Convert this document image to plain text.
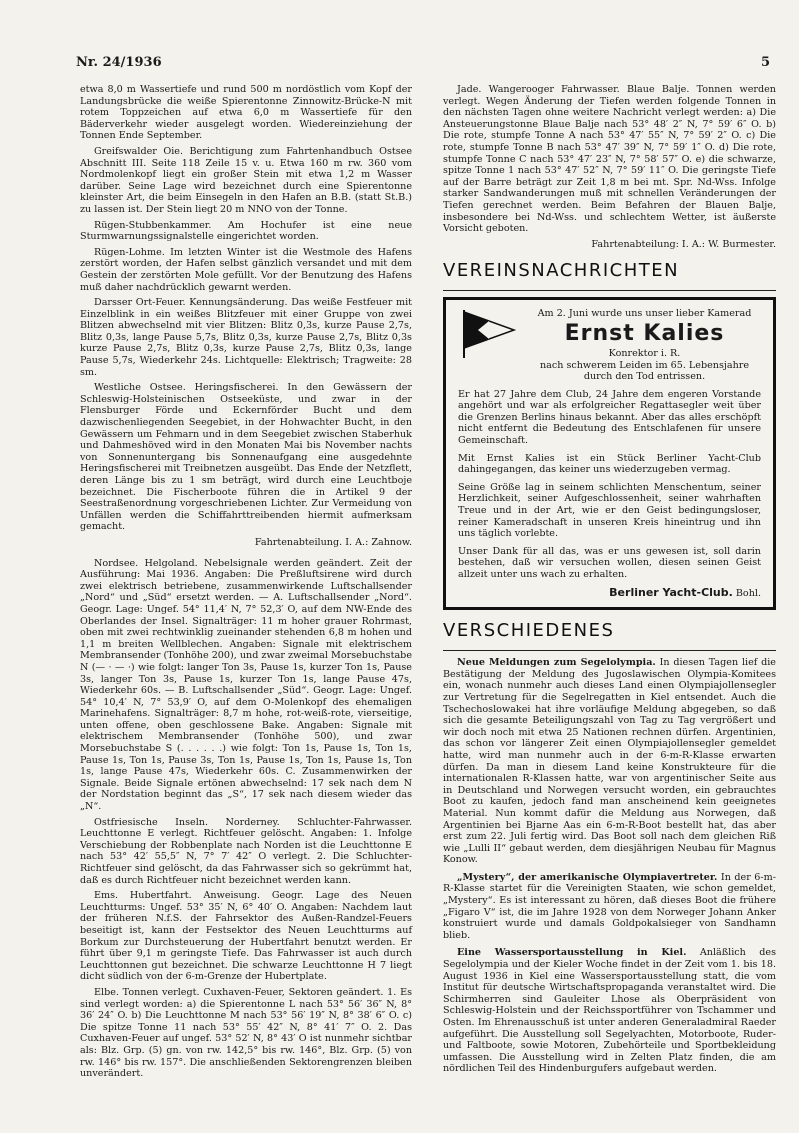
Nr. 24/1936	5

etwa 8,0 m Wassertiefe und rund 500 m nordöstlich vom Kopf der Landungsbrücke die weiße Spierentonne Zinnowitz-Brücke-N mit rotem Toppzeichen auf etwa 6,0 m Wassertiefe für den Bäderverkehr wieder ausgelegt worden. Wiedereinziehung der Tonnen Ende September.

Greifswalder Oie. Berichtigung zum Fahrtenhandbuch Ostsee Abschnitt III. Seite 118 Zeile 15 v. u. Etwa 160 m rw. 360 vom Nordmolenkopf liegt ein großer Stein mit etwa 1,2 m Wasser darüber. Seine Lage wird bezeichnet durch eine Spierentonne kleinster Art, die beim Einsegeln in den Hafen an B.B. (statt St.B.) zu lassen ist. Der Stein liegt 20 m NNO von der Tonne.

Rügen-Stubbenkammer. Am Hochufer ist eine neue Sturmwarnungssignalstelle eingerichtet worden.

Rügen-Lohme. Im letzten Winter ist die Westmole des Hafens zerstört worden, der Hafen selbst gänzlich versandet und mit dem Gestein der zerstörten Mole gefüllt. Vor der Benutzung des Hafens muß daher nachdrücklich gewarnt werden.

Darsser Ort-Feuer. Kennungsänderung. Das weiße Festfeuer mit Einzelblink in ein weißes Blitzfeuer mit einer Gruppe von zwei Blitzen abwechselnd mit vier Blitzen: Blitz 0,3s, kurze Pause 2,7s, Blitz 0,3s, lange Pause 5,7s, Blitz 0,3s, kurze Pause 2,7s, Blitz 0,3s kurze Pause 2,7s, Blitz 0,3s, kurze Pause 2,7s, Blitz 0,3s, lange Pause 5,7s, Wiederkehr 24s. Lichtquelle: Elektrisch; Tragweite: 28 sm.

Westliche Ostsee. Heringsfischerei. In den Gewässern der Schleswig-Holsteinischen Ostseeküste, und zwar in der Flensburger Förde und Eckernförder Bucht und dem dazwischenliegenden Seegebiet, in der Hohwachter Bucht, in den Gewässern um Fehmarn und in dem Seegebiet zwischen Staberhuk und Dahmeshöved wird in den Monaten Mai bis November nachts von Sonnenuntergang bis Sonnenaufgang eine ausgedehnte Heringsfischerei mit Treibnetzen ausgeübt. Das Ende der Netzflett, deren Länge bis zu 1 sm beträgt, wird durch eine Leuchtboje bezeichnet. Die Fischerboote führen die in Artikel 9 der Seestraßenordnung vorgeschriebenen Lichter. Zur Vermeidung von Unfällen werden die Schiffahrttreibenden hiermit aufmerksam gemacht.

Fahrtenabteilung. I. A.: Zahnow.

Nordsee. Helgoland. Nebelsignale werden geändert. Zeit der Ausführung: Mai 1936. Angaben: Die Preßluftsirene wird durch zwei elektrisch betriebene, zusammenwirkende Luftschallsender „Nord“ und „Süd“ ersetzt werden. — A. Luftschallsender „Nord“. Geogr. Lage: Ungef. 54° 11,4′ N, 7° 52,3′ O, auf dem NW-Ende des Oberlandes der Insel. Signalträger: 11 m hoher grauer Rohrmast, oben mit zwei rechtwinklig zueinander stehenden 6,8 m hohen und 1,1 m breiten Wellblechen. Angaben: Signale mit elektrischem Membransender (Tonhöhe 200), und zwar zweimal Morsebuchstabe N (— · — ·) wie folgt: langer Ton 3s, Pause 1s, kurzer Ton 1s, Pause 3s, langer Ton 3s, Pause 1s, kurzer Ton 1s, lange Pause 47s, Wiederkehr 60s. — B. Luftschallsender „Süd“. Geogr. Lage: Ungef. 54° 10,4′ N, 7° 53,9′ O, auf dem O-Molenkopf des ehemaligen Marinehafens. Signalträger: 8,7 m hohe, rot-weiß-rote, vierseitige, unten offene, oben geschlossene Bake. Angaben: Signale mit elektrischem Membransender (Tonhöhe 500), und zwar Morsebuchstabe S (. . . . . .) wie folgt: Ton 1s, Pause 1s, Ton 1s, Pause 1s, Ton 1s, Pause 3s, Ton 1s, Pause 1s, Ton 1s, Pause 1s, Ton 1s, lange Pause 47s, Wiederkehr 60s. C. Zusammenwirken der Signale. Beide Signale ertönen abwechselnd: 17 sek nach dem N der Nordstation beginnt das „S“, 17 sek nach diesem wieder das „N“.

Ostfriesische Inseln. Norderney. Schluchter-Fahrwasser. Leuchttonne E verlegt. Richtfeuer gelöscht. Angaben: 1. Infolge Verschiebung der Robbenplate nach Norden ist die Leuchttonne E nach 53° 42′ 55,5″ N, 7° 7′ 42″ O verlegt. 2. Die Schluchter-Richtfeuer sind gelöscht, da das Fahrwasser sich so gekrümmt hat, daß es durch Richtfeuer nicht bezeichnet werden kann.

Ems. Hubertfahrt. Anweisung. Geogr. Lage des Neuen Leuchtturms: Ungef. 53° 35′ N, 6° 40′ O. Angaben: Nachdem laut der früheren N.f.S. der Fahrsektor des Außen-Randzel-Feuers beseitigt ist, kann der Festsektor des Neuen Leuchtturms auf Borkum zur Durchsteuerung der Hubertfahrt benutzt werden. Er führt über 9,1 m geringste Tiefe. Das Fahrwasser ist auch durch Leuchttonnen gut bezeichnet. Die schwarze Leuchttonne H 7 liegt dicht südlich von der 6-m-Grenze der Hubertplate.

Elbe. Tonnen verlegt. Cuxhaven-Feuer, Sektoren geändert. 1. Es sind verlegt worden: a) die Spierentonne L nach 53° 56′ 36″ N, 8° 36′ 24″ O. b) Die Leuchttonne M nach 53° 56′ 19″ N, 8° 38′ 6″ O. c) Die spitze Tonne 11 nach 53° 55′ 42″ N, 8° 41′ 7″ O. 2. Das Cuxhaven-Feuer auf ungef. 53° 52′ N, 8° 43′ O ist nunmehr sichtbar als: Blz. Grp. (5) gn. von rw. 142,5° bis rw. 146°, Blz. Grp. (5) von rw. 146° bis rw. 157°. Die anschließenden Sektorengrenzen bleiben unverändert.

Jade. Wangerooger Fahrwasser. Blaue Balje. Tonnen werden verlegt. Wegen Änderung der Tiefen werden folgende Tonnen in den nächsten Tagen ohne weitere Nachricht verlegt werden: a) Die Ansteuerungstonne Blaue Balje nach 53° 48′ 2″ N, 7° 59′ 6″ O. b) Die rote, stumpfe Tonne A nach 53° 47′ 55″ N, 7° 59′ 2″ O. c) Die rote, stumpfe Tonne B nach 53° 47′ 39″ N, 7° 59′ 1″ O. d) Die rote, stumpfe Tonne C nach 53° 47′ 23″ N, 7° 58′ 57″ O. e) die schwarze, spitze Tonne 1 nach 53° 47′ 52″ N, 7° 59′ 11″ O. Die geringste Tiefe auf der Barre beträgt zur Zeit 1,8 m bei mt. Spr. Nd-Wss. Infolge starker Sandwanderungen muß mit schnellen Veränderungen der Tiefen gerechnet werden. Beim Befahren der Blauen Balje, insbesondere bei Nd-Wss. und schlechtem Wetter, ist äußerste Vorsicht geboten.

Fahrtenabteilung: I. A.: W. Burmester.

VEREINSNACHRICHTEN
Am 2. Juni wurde uns unser lieber Kamerad
Ernst Kalies
Konrektor i. R.
nach schwerem Leiden im 65. Lebensjahre durch den Tod entrissen.

Er hat 27 Jahre dem Club, 24 Jahre dem engeren Vorstande angehört und war als erfolgreicher Regattasegler weit über die Grenzen Berlins hinaus bekannt. Aber das alles erschöpft nicht entfernt die Bedeutung des Entschlafenen für unsere Gemeinschaft.

Mit Ernst Kalies ist ein Stück Berliner Yacht-Club dahingegangen, das keiner uns wiederzugeben vermag.

Seine Größe lag in seinem schlichten Menschentum, seiner Herzlichkeit, seiner Aufgeschlossenheit, seiner wahrhaften Treue und in der Art, wie er den Geist bedingungsloser, reiner Kameradschaft in unseren Kreis hineintrug und ihn uns täglich vorlebte.

Unser Dank für all das, was er uns gewesen ist, soll darin bestehen, daß wir versuchen wollen, diesen seinen Geist allzeit unter uns wach zu erhalten.

Berliner Yacht-Club. Bohl.
VERSCHIEDENES

Neue Meldungen zum Segelolympia. In diesen Tagen lief die Bestätigung der Meldung des Jugoslawischen Olympia-Komitees ein, wonach nunmehr auch dieses Land einen Olympiajollensegler zur Vertretung für die Segelregatten in Kiel entsendet. Auch die Tschechoslowakei hat ihre vorläufige Meldung abgegeben, so daß sich die gesamte Beteiligungszahl von Tag zu Tag vergrößert und wir doch noch mit etwa 25 Nationen rechnen dürfen. Argentinien, das schon vor längerer Zeit einen Olympiajollensegler gemeldet hatte, wird man nunmehr auch in der 6-m-R-Klasse erwarten dürfen. Da man in diesem Land keine Konstrukteure für die internationalen R-Klassen hatte, war von argentinischer Seite aus in Deutschland und Norwegen versucht worden, ein gebrauchtes Boot zu kaufen, jedoch fand man anscheinend kein geeignetes Material. Nun kommt dafür die Meldung aus Norwegen, daß Argentinien bei Bjarne Aas ein 6-m-R-Boot bestellt hat, das aber erst zum 22. Juli fertig wird. Das Boot soll nach dem gleichen Riß wie „Lulli II“ gebaut werden, dem diesjährigen Neubau für Magnus Konow.

„Mystery“, der amerikanische Olympiavertreter. In der 6-m-R-Klasse startet für die Vereinigten Staaten, wie schon gemeldet, „Mystery“. Es ist interessant zu hören, daß dieses Boot die frühere „Figaro V“ ist, die im Jahre 1928 von dem Norweger Johann Anker konstruiert wurde und damals Goldpokalsieger von Sandhamn blieb.

Eine Wassersportausstellung in Kiel. Anläßlich des Segelolympia und der Kieler Woche findet in der Zeit vom 1. bis 18. August 1936 in Kiel eine Wassersportausstellung statt, die vom Institut für deutsche Wirtschaftspropaganda veranstaltet wird. Die Schirmherren sind Gauleiter Lhose als Oberpräsident von Schleswig-Holstein und der Reichssportführer von Tschammer und Osten. Im Ehrenausschuß ist unter anderen Generaladmiral Raeder aufgeführt. Die Ausstellung soll Segelyachten, Motorboote, Ruder- und Faltboote, sowie Motoren, Zubehörteile und Sportbekleidung umfassen. Die Ausstellung wird in Zelten Platz finden, die am nördlichen Teil des Hindenburgufers aufgebaut werden.
